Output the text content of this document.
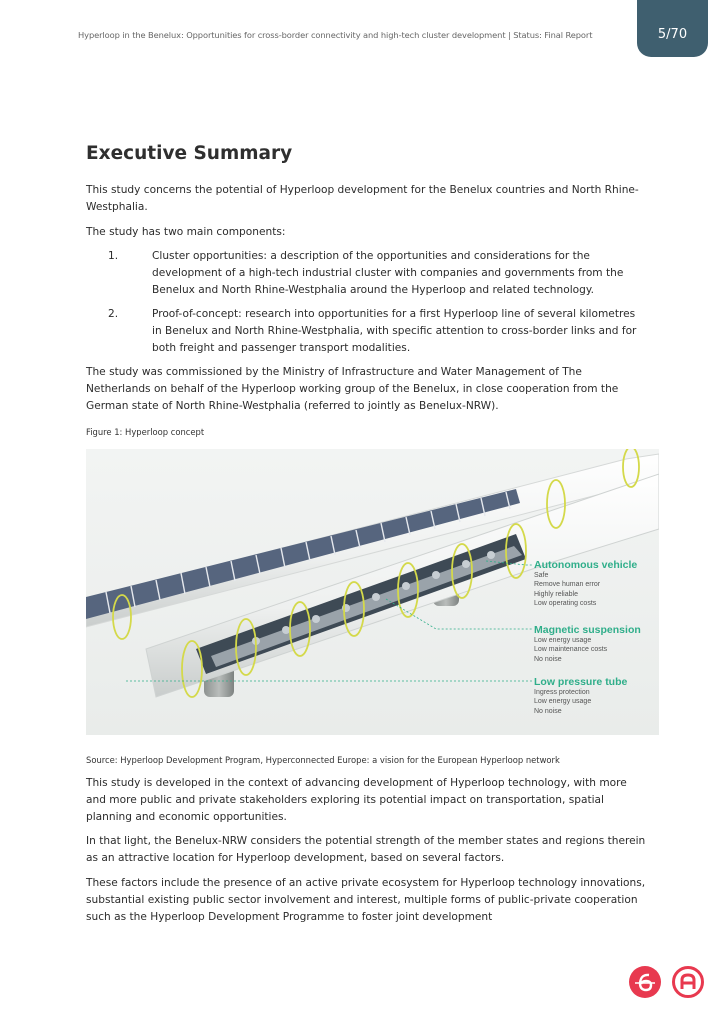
Hyperloop in the Benelux: Opportunities for cross-border connectivity and high-tech cluster development | Status: Final Report	5/70
Executive Summary

This study concerns the potential of Hyperloop development for the Benelux countries and North Rhine-Westphalia.

The study has two main components:

1.	Cluster opportunities: a description of the opportunities and considerations for the development of a high-tech industrial cluster with companies and governments from the Benelux and North Rhine-Westphalia around the Hyperloop and related technology.

2.	Proof-of-concept: research into opportunities for a first Hyperloop line of several kilometres in Benelux and North Rhine-Westphalia, with specific attention to cross-border links and for both freight and passenger transport modalities.

The study was commissioned by the Ministry of Infrastructure and Water Management of The Netherlands on behalf of the Hyperloop working group of the Benelux, in close cooperation from the German state of North Rhine-Westphalia (referred to jointly as Benelux-NRW).

Figure 1: Hyperloop concept
Autonomous vehicle
Safe
Remove human error
Highly reliable
Low operating costs
Magnetic suspension
Low energy usage
Low maintenance costs
No noise
Low pressure tube
Ingress protection
Low energy usage
No noise
Source: Hyperloop Development Program, Hyperconnected Europe: a vision for the European Hyperloop network

This study is developed in the context of advancing development of Hyperloop technology, with more and more public and private stakeholders exploring its potential impact on transportation, spatial planning and economic opportunities.

In that light, the Benelux-NRW considers the potential strength of the member states and regions therein as an attractive location for Hyperloop development, based on several factors.

These factors include the presence of an active private ecosystem for Hyperloop technology innovations, substantial existing public sector involvement and interest, multiple forms of public-private cooperation such as the Hyperloop Development Programme to foster joint development
